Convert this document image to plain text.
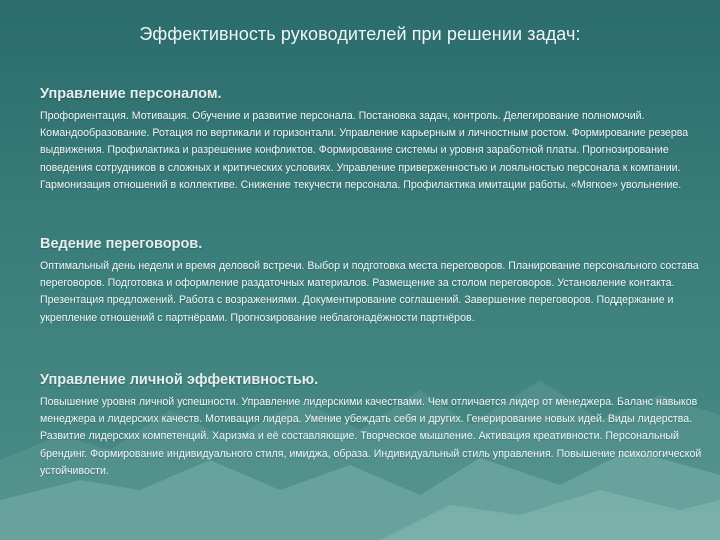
Эффективность руководителей при решении задач:
Управление персоналом.

Профориентация. Мотивация. Обучение и развитие персонала. Постановка задач, контроль. Делегирование полномочий. Командообразование. Ротация по вертикали и горизонтали. Управление карьерным и личностным ростом. Формирование резерва выдвижения. Профилактика и разрешение конфликтов. Формирование системы и уровня заработной платы. Прогнозирование поведения сотрудников в сложных и критических условиях. Управление приверженностью и лояльностью персонала к компании. Гармонизация отношений в коллективе. Снижение текучести персонала. Профилактика имитации работы. «Мягкое» увольнение.

Ведение переговоров.

Оптимальный день недели и время деловой встречи. Выбор и подготовка места переговоров. Планирование персонального состава переговоров. Подготовка и оформление раздаточных материалов. Размещение за столом переговоров. Установление контакта. Презентация предложений. Работа с возражениями. Документирование соглашений. Завершение переговоров. Поддержание и укрепление отношений с партнёрами. Прогнозирование неблагонадёжности партнёров.

Управление личной эффективностью.

Повышение уровня личной успешности. Управление лидерскими качествами. Чем отличается лидер от менеджера. Баланс навыков менеджера и лидерских качеств. Мотивация лидера. Умение убеждать себя и других. Генерирование новых идей. Виды лидерства. Развитие лидерских компетенций. Харизма и её составляющие. Творческое мышление. Активация креативности. Персональный брендинг. Формирование индивидуального стиля, имиджа, образа. Индивидуальный стиль управления. Повышение психологической устойчивости.
